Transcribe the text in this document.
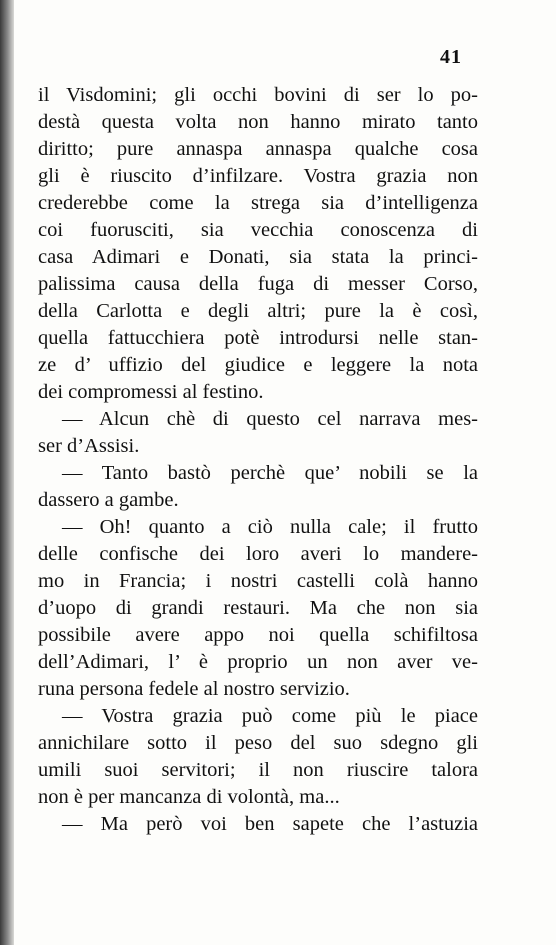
41
il Visdomini; gli occhi bovini di ser lo po-
destà questa volta non hanno mirato tanto
diritto; pure annaspa annaspa qualche cosa
gli è riuscito d’infilzare. Vostra grazia non
crederebbe come la strega sia d’intelligenza
coi fuorusciti, sia vecchia conoscenza di
casa Adimari e Donati, sia stata la princi-
palissima causa della fuga di messer Corso,
della Carlotta e degli altri; pure la è così,
quella fattucchiera potè introdursi nelle stan-
ze d’ uffizio del giudice e leggere la nota
dei compromessi al festino.
— Alcun chè di questo cel narrava mes-
ser d’Assisi.
— Tanto bastò perchè que’ nobili se la
dassero a gambe.
— Oh! quanto a ciò nulla cale; il frutto
delle confische dei loro averi lo mandere-
mo in Francia; i nostri castelli colà hanno
d’uopo di grandi restauri. Ma che non sia
possibile avere appo noi quella schifiltosa
dell’Adimari, l’ è proprio un non aver ve-
runa persona fedele al nostro servizio.
— Vostra grazia può come più le piace
annichilare sotto il peso del suo sdegno gli
umili suoi servitori; il non riuscire talora
non è per mancanza di volontà, ma...
— Ma però voi ben sapete che l’astuzia
